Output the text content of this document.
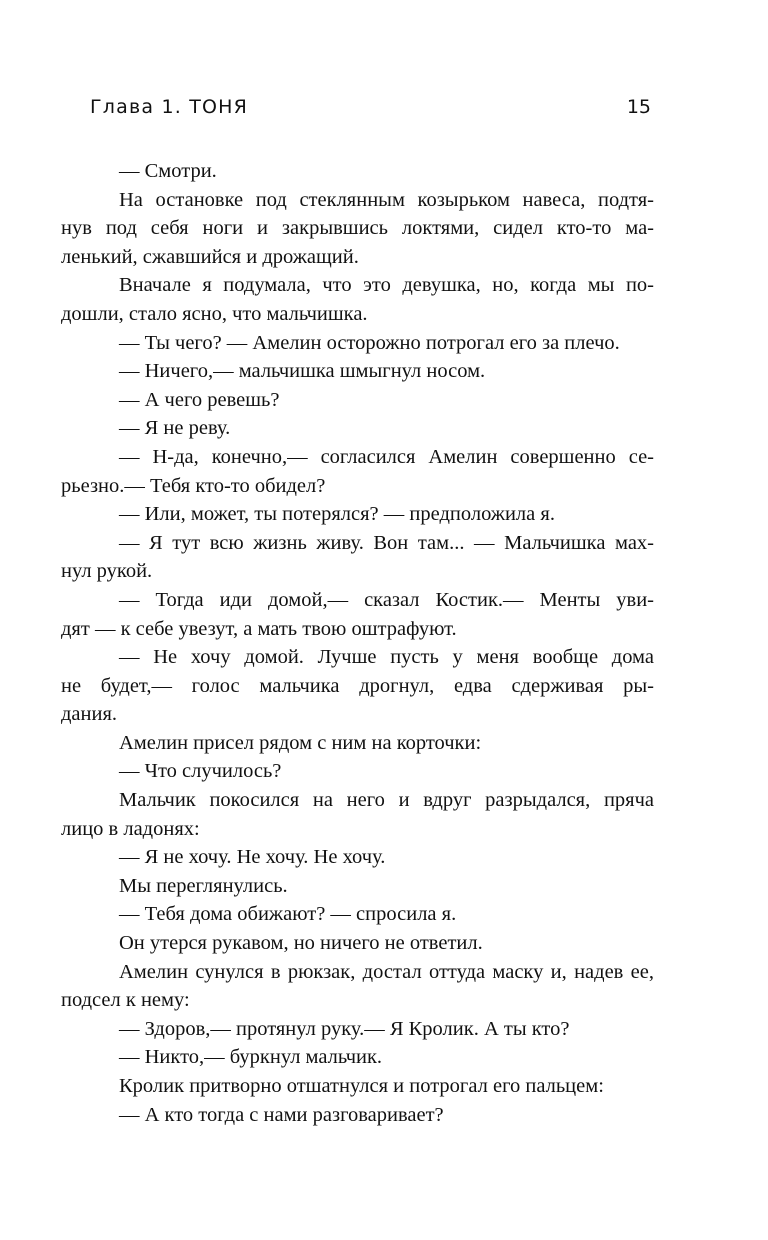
Глава 1. ТОНЯ	15

— Смотри.

На остановке под стеклянным козырьком навеса, подтя-
нув под себя ноги и закрывшись локтями, сидел кто-то ма-
ленький, сжавшийся и дрожащий.

Вначале я подумала, что это девушка, но, когда мы по-
дошли, стало ясно, что мальчишка.

— Ты чего? — Амелин осторожно потрогал его за плечо.

— Ничего,— мальчишка шмыгнул носом.

— А чего ревешь?

— Я не реву.

— Н-да, конечно,— согласился Амелин совершенно се-
рьезно.— Тебя кто-то обидел?

— Или, может, ты потерялся? — предположила я.

— Я тут всю жизнь живу. Вон там... — Мальчишка мах-
нул рукой.

— Тогда иди домой,— сказал Костик.— Менты уви-
дят — к себе увезут, а мать твою оштрафуют.

— Не хочу домой. Лучше пусть у меня вообще дома
не будет,— голос мальчика дрогнул, едва сдерживая ры-
дания.

Амелин присел рядом с ним на корточки:

— Что случилось?

Мальчик покосился на него и вдруг разрыдался, пряча
лицо в ладонях:

— Я не хочу. Не хочу. Не хочу.

Мы переглянулись.

— Тебя дома обижают? — спросила я.

Он утерся рукавом, но ничего не ответил.

Амелин сунулся в рюкзак, достал оттуда маску и, надев ее,
подсел к нему:

— Здоров,— протянул руку.— Я Кролик. А ты кто?

— Никто,— буркнул мальчик.

Кролик притворно отшатнулся и потрогал его пальцем:

— А кто тогда с нами разговаривает?
